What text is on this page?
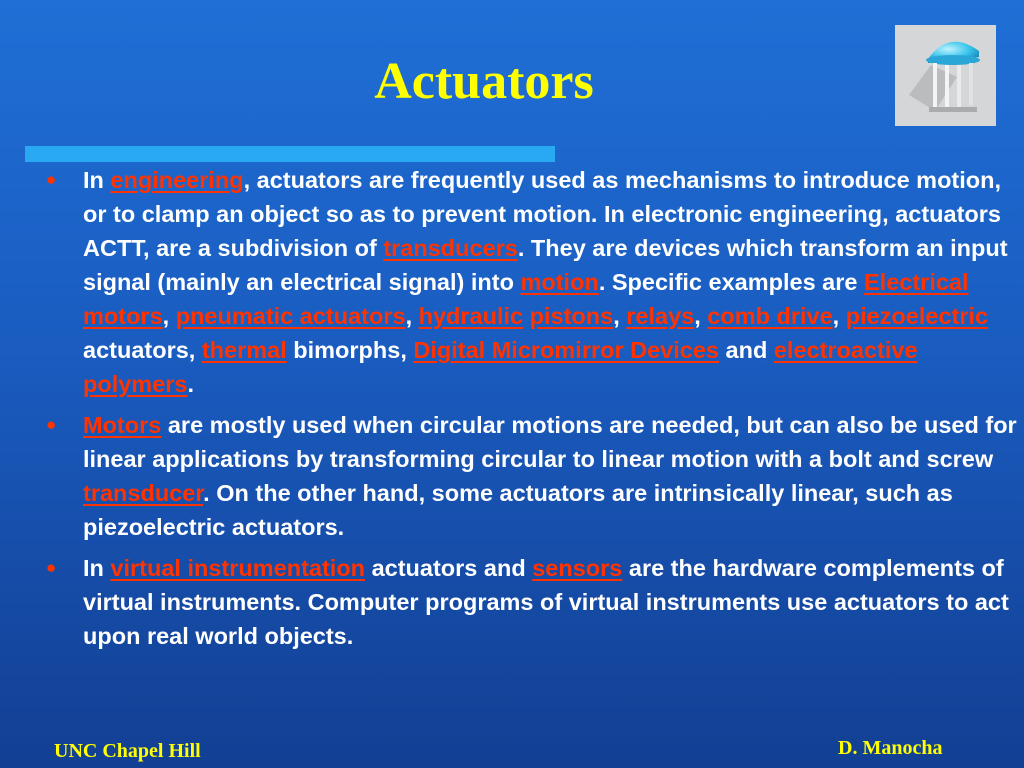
Actuators
● In engineering, actuators are frequently used as mechanisms to introduce motion, or to clamp an object so as to prevent motion. In electronic engineering, actuators ACTT, are a subdivision of transducers. They are devices which transform an input signal (mainly an electrical signal) into motion. Specific examples are Electrical motors, pneumatic actuators, hydraulic pistons, relays, comb drive, piezoelectric actuators, thermal bimorphs, Digital Micromirror Devices and electroactive polymers.
● Motors are mostly used when circular motions are needed, but can also be used for linear applications by transforming circular to linear motion with a bolt and screw transducer. On the other hand, some actuators are intrinsically linear, such as piezoelectric actuators.
● In virtual instrumentation actuators and sensors are the hardware complements of virtual instruments. Computer programs of virtual instruments use actuators to act upon real world objects.
UNC Chapel Hill	D. Manocha
